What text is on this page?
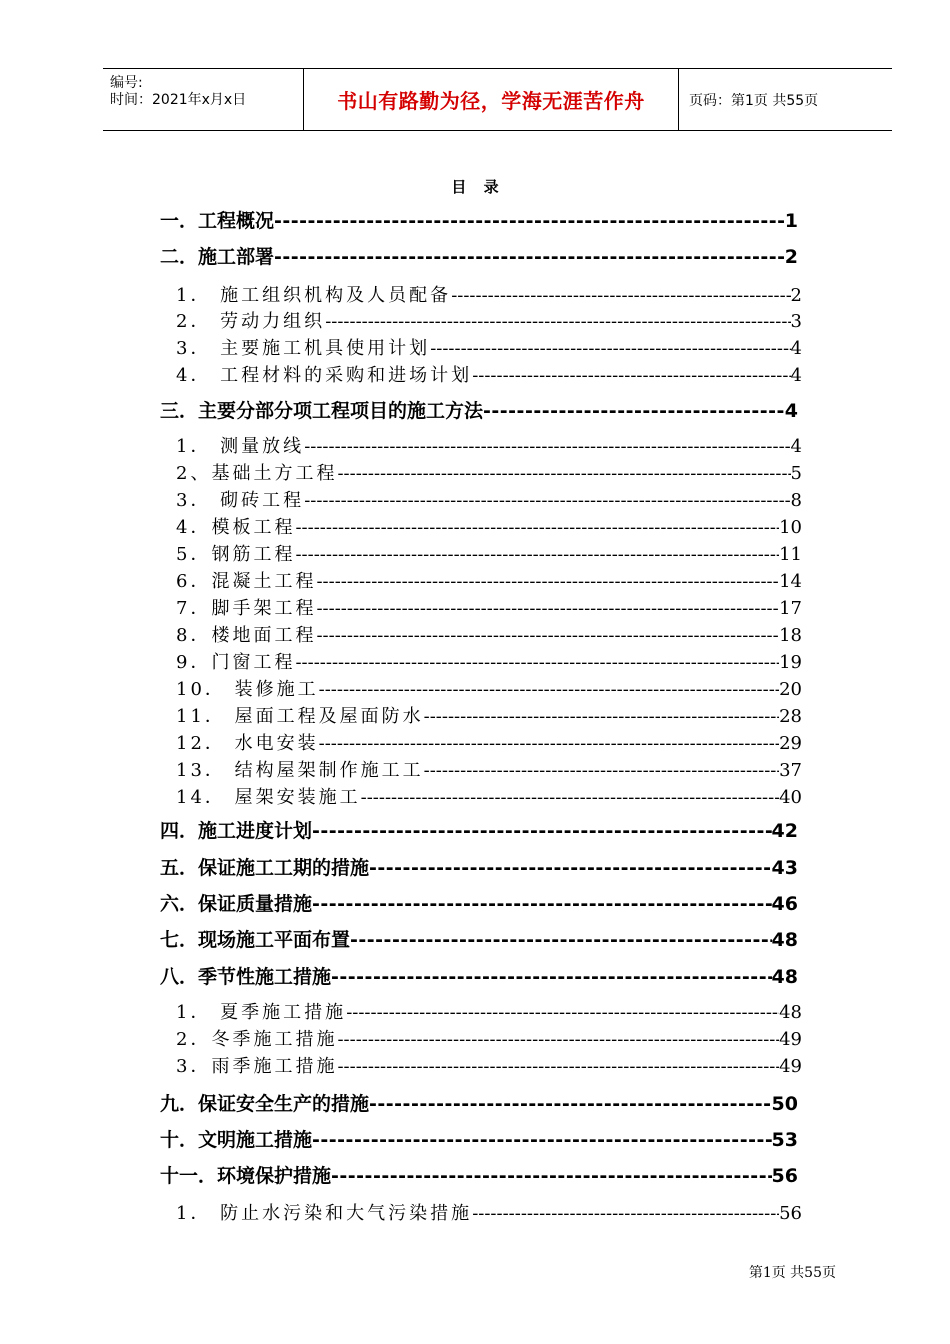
编号:
时间：2021年x月x日	书山有路勤为径，学海无涯苦作舟	页码：第1页 共55页
目 录
一．工程概况 -----	1
二．施工部署 -----	2
1． 施工组织机构及人员配备 -----	2
2． 劳动力组织 -----	3
3． 主要施工机具使用计划 -----	4
4． 工程材料的采购和进场计划 -----	4
三．主要分部分项工程项目的施工方法 -----	4
1． 测量放线 -----	4
2、基础土方工程 -----	5
3． 砌砖工程 -----	8
4．模板工程 -----	10
5．钢筋工程 -----	11
6．混凝土工程 -----	14
7．脚手架工程 -----	17
8．楼地面工程 -----	18
9．门窗工程 -----	19
10． 装修施工 -----	20
11． 屋面工程及屋面防水 -----	28
12． 水电安装 -----	29
13． 结构屋架制作施工工 -----	37
14． 屋架安装施工 -----	40
四．施工进度计划 -----	42
五．保证施工工期的措施 -----	43
六．保证质量措施 -----	46
七．现场施工平面布置 -----	48
八．季节性施工措施 -----	48
1． 夏季施工措施 -----	48
2．冬季施工措施 -----	49
3．雨季施工措施 -----	49
九．保证安全生产的措施 -----	50
十．文明施工措施 -----	53
十一．环境保护措施 -----	56
1． 防止水污染和大气污染措施 -----	56
第1页 共55页
